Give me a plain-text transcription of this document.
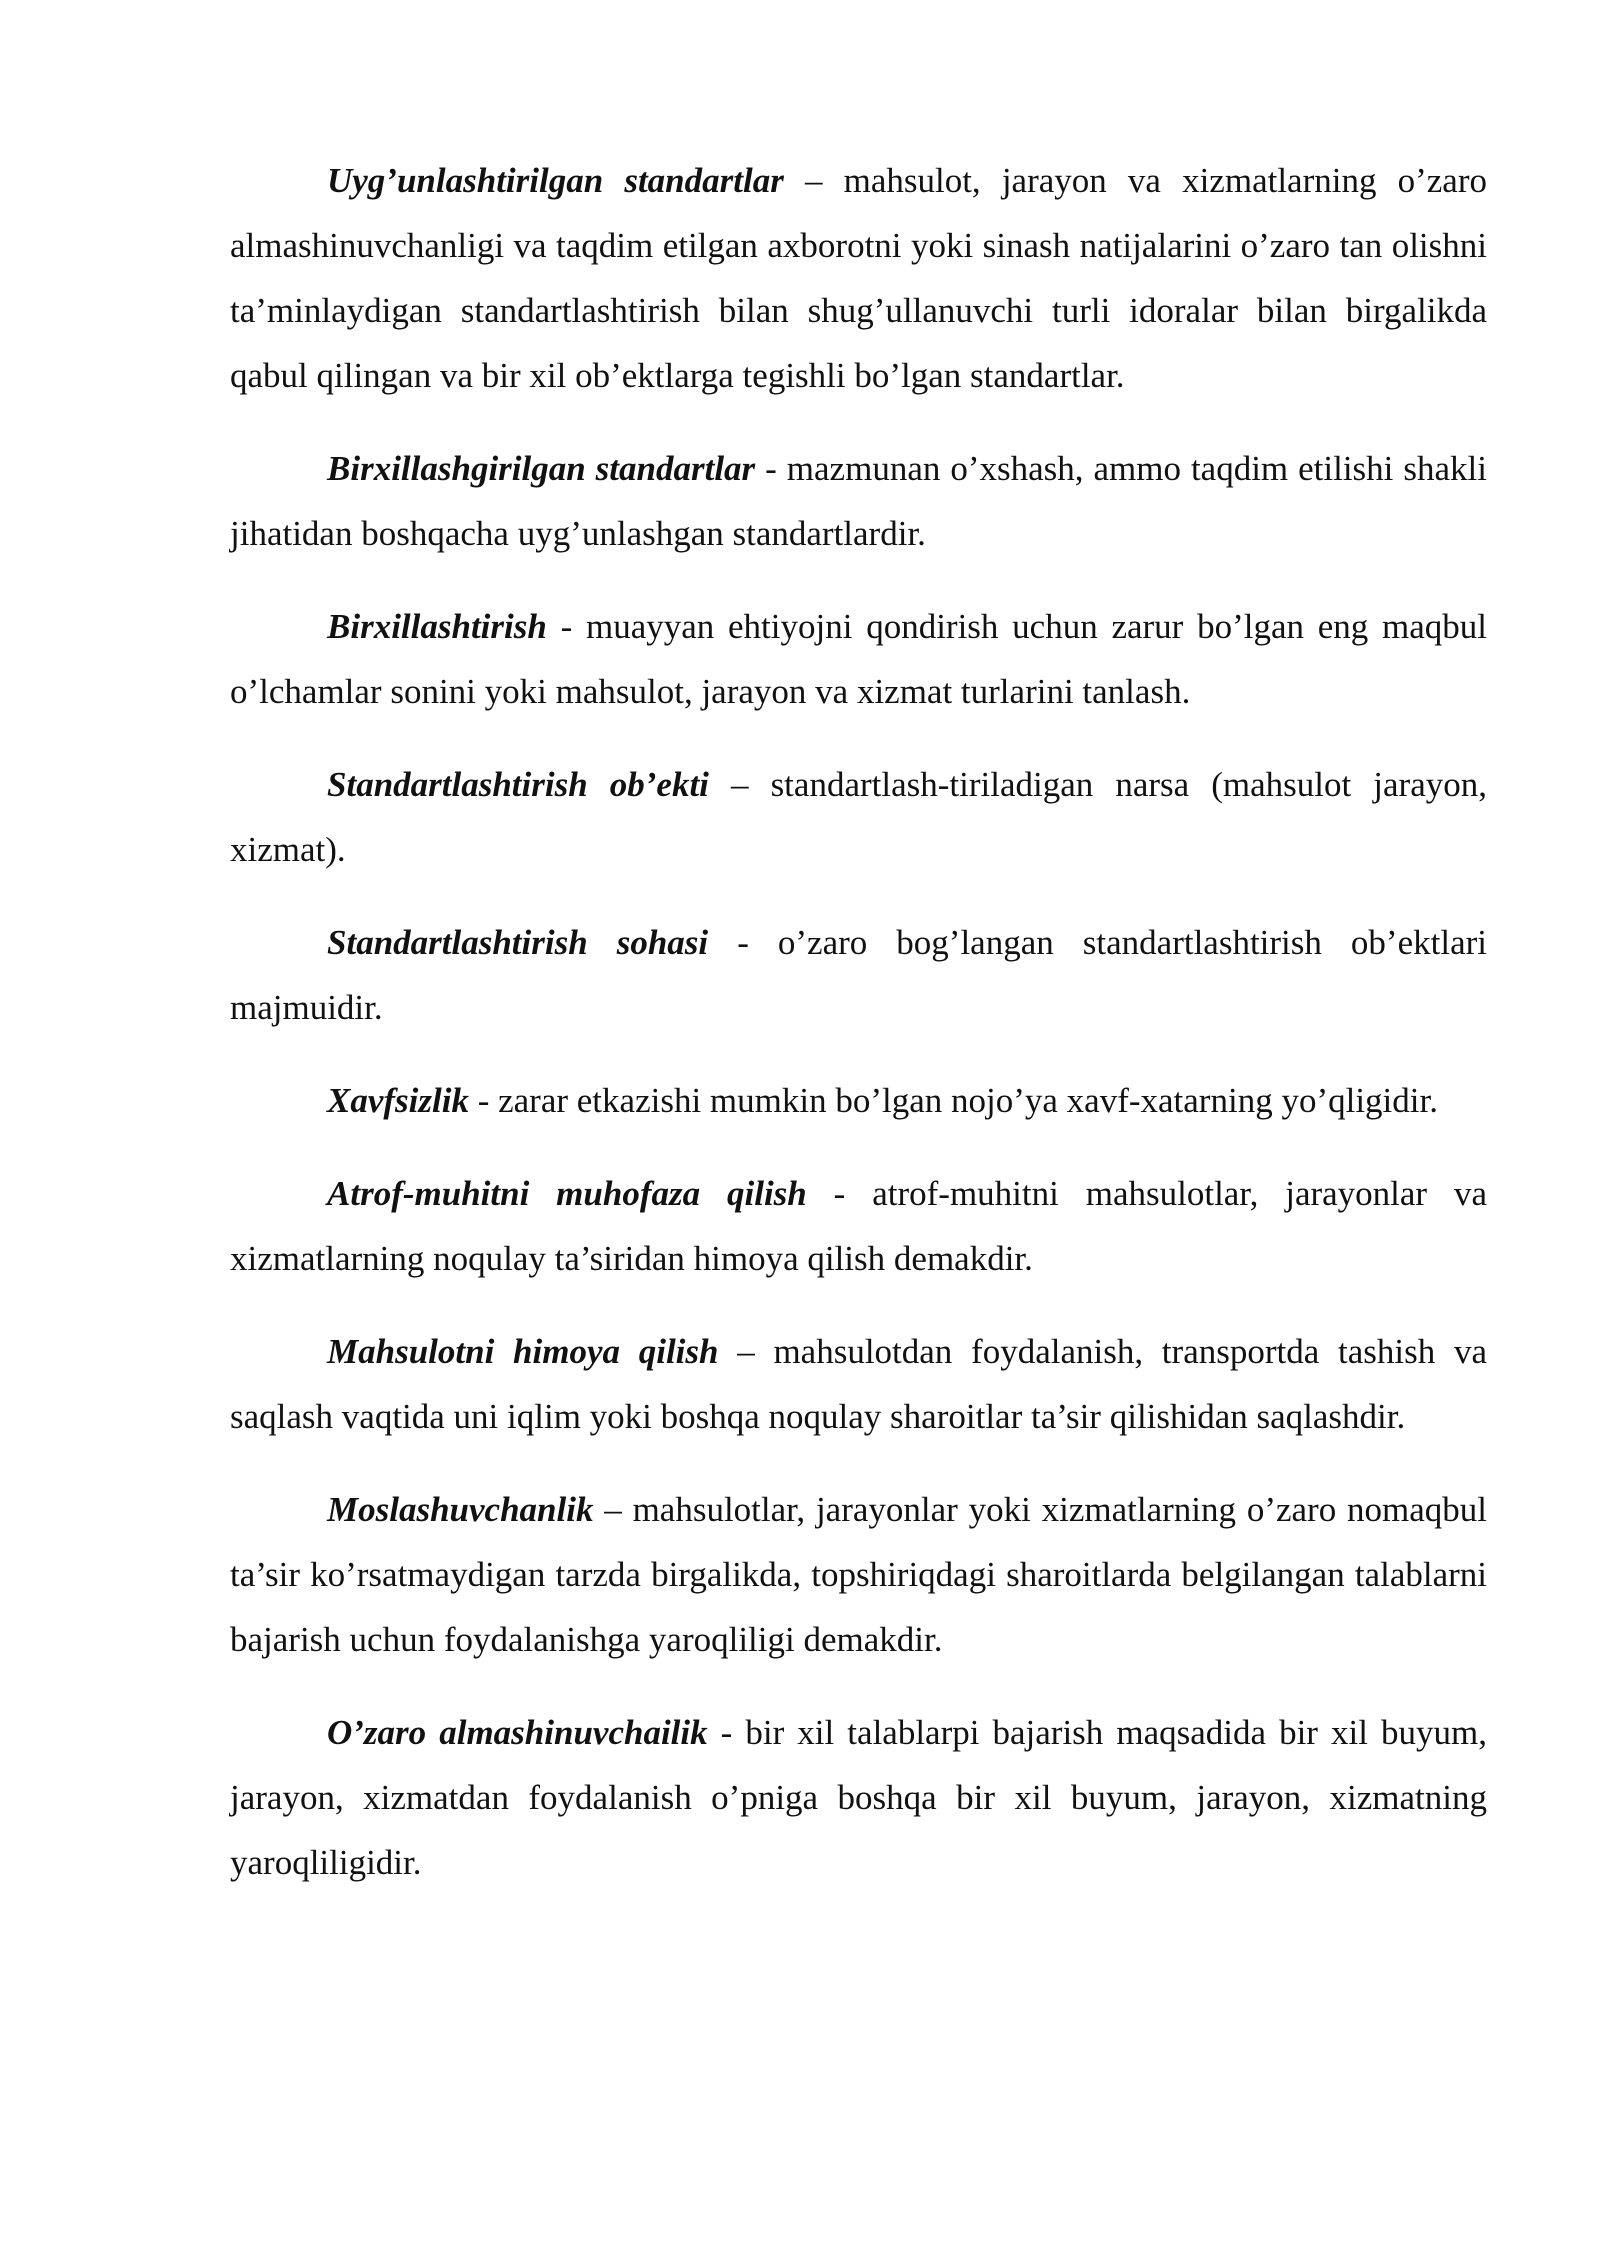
Uyg’unlashtirilgan standartlar – mahsulot, jarayon va xizmatlarning o’zaro almashinuvchanligi va taqdim etilgan axborotni yoki sinash natijalarini o’zaro tan olishni ta’minlaydigan standartlashtirish bilan shug’ullanuvchi turli idoralar bilan birgalikda qabul qilingan va bir xil ob’ektlarga tegishli bo’lgan standartlar.

Birxillashgirilgan standartlar - mazmunan o’xshash, ammo taqdim etilishi shakli jihatidan boshqacha uyg’unlashgan standartlardir.

Birxillashtirish - muayyan ehtiyojni qondirish uchun zarur bo’lgan eng maqbul o’lchamlar sonini yoki mahsulot, jarayon va xizmat turlarini tanlash.

Standartlashtirish ob’ekti – standartlash-tiriladigan narsa (mahsulot jarayon, xizmat).

Standartlashtirish sohasi - o’zaro bog’langan standartlashtirish ob’ektlari majmuidir.

Xavfsizlik - zarar etkazishi mumkin bo’lgan nojo’ya xavf-xatarning yo’qligidir.

Atrof-muhitni muhofaza qilish - atrof-muhitni mahsulotlar, jarayonlar va xizmatlarning noqulay ta’siridan himoya qilish demakdir.

Mahsulotni himoya qilish – mahsulotdan foydalanish, transportda tashish va saqlash vaqtida uni iqlim yoki boshqa noqulay sharoitlar ta’sir qilishidan saqlashdir.

Moslashuvchanlik – mahsulotlar, jarayonlar yoki xizmatlarning o’zaro nomaqbul ta’sir ko’rsatmaydigan tarzda birgalikda, topshiriqdagi sharoitlarda belgilangan talablarni bajarish uchun foydalanishga yaroqliligi demakdir.

O’zaro almashinuvchailik - bir xil talablarpi bajarish maqsadida bir xil buyum, jarayon, xizmatdan foydalanish o’pniga boshqa bir xil buyum, jarayon, xizmatning yaroqliligidir.
